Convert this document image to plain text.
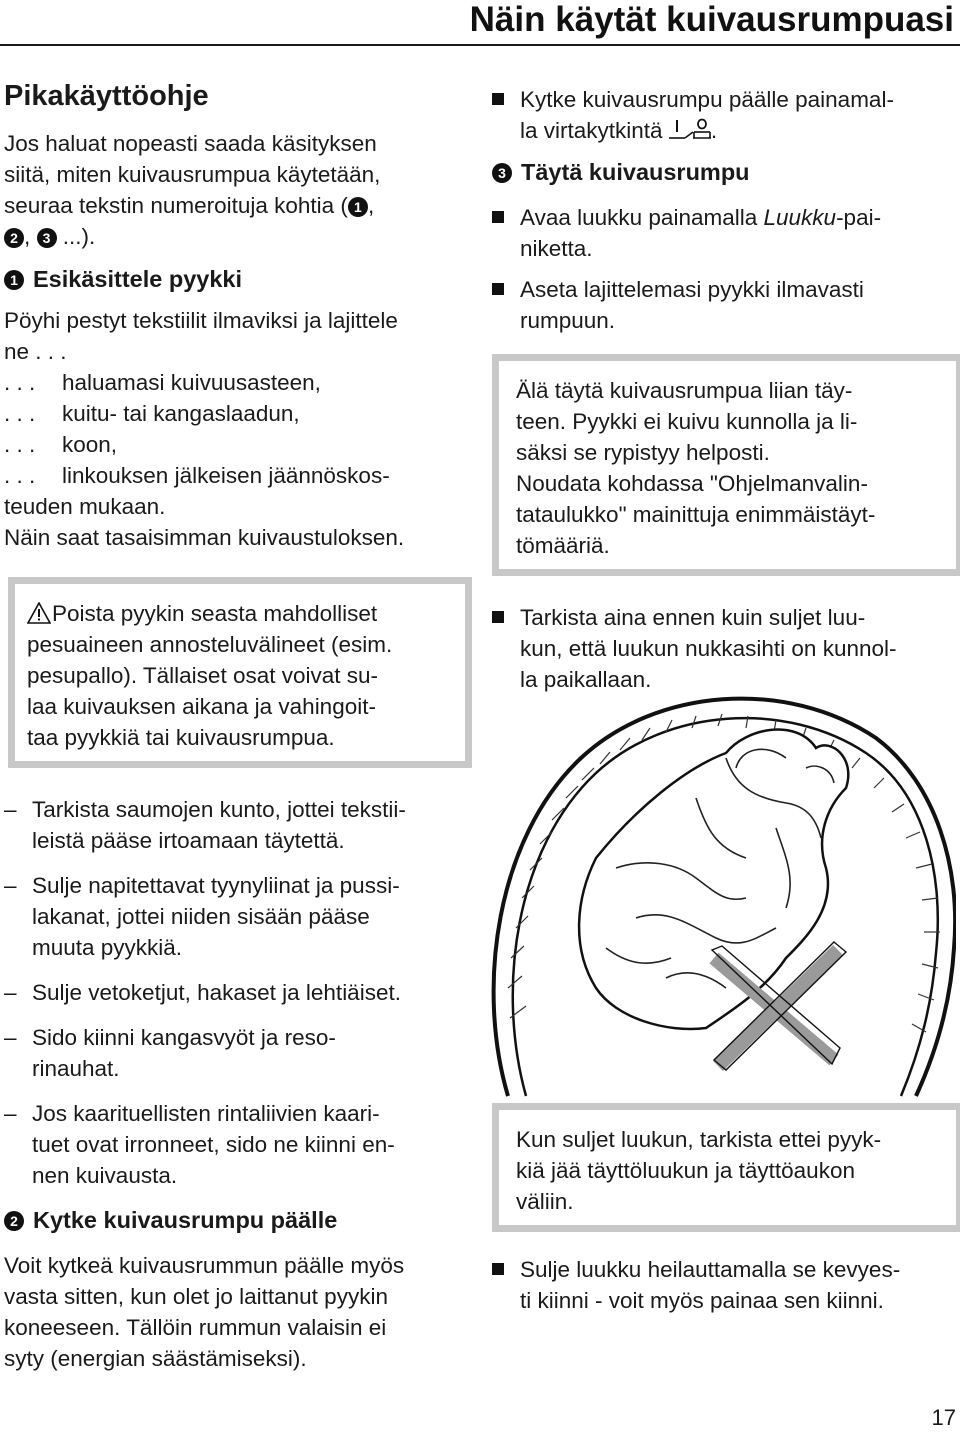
Näin käytät kuivausrumpuasi
Pikakäyttöohje

Jos haluat nopeasti saada käsityksen

siitä, miten kuivausrumpua käytetään,

seuraa tekstin numeroituja kohtia ( 1 ,

2 , 3 ...).

1 Esikäsittele pyykki

Pöyhi pestyt tekstiilit ilmaviksi ja lajittele

ne . . .

. . .	haluamasi kuivuusasteen,
. . .	kuitu- tai kangaslaadun,
. . .	koon,
. . .	linkouksen jälkeisen jäännöskos-

teuden mukaan.

Näin saat tasaisimman kuivaustuloksen.

Poista pyykin seasta mahdolliset

pesuaineen annosteluvälineet (esim.

pesupallo). Tällaiset osat voivat su-

laa kuivauksen aikana ja vahingoit-

taa pyykkiä tai kuivausrumpua.

– Tarkista saumojen kunto, jottei tekstii-
leistä pääse irtoamaan täytettä.
– Sulje napitettavat tyynyliinat ja pussi-
lakanat, jottei niiden sisään pääse
muuta pyykkiä.
– Sulje vetoketjut, hakaset ja lehtiäiset.
– Sido kiinni kangasvyöt ja reso-
rinauhat.
– Jos kaarituellisten rintaliivien kaari-
tuet ovat irronneet, sido ne kiinni en-
nen kuivausta.
2 Kytke kuivausrumpu päälle

Voit kytkeä kuivausrummun päälle myös

vasta sitten, kun olet jo laittanut pyykin

koneeseen. Tällöin rummun valaisin ei

syty (energian säästämiseksi).

Kytke kuivausrumpu päälle painamal-
la virtakytkintä .
3 Täytä kuivausrumpu
Avaa luukku painamalla Luukku-pai-
niketta.
Aseta lajittelemasi pyykki ilmavasti
rumpuun.

Älä täytä kuivausrumpua liian täy-

teen. Pyykki ei kuivu kunnolla ja li-

säksi se rypistyy helposti.

Noudata kohdassa "Ohjelmanvalin-

tataulukko" mainittuja enimmäistäyt-

tömääriä.

Tarkista aina ennen kuin suljet luu-
kun, että luukun nukkasihti on kunnol-
la paikallaan.

Kun suljet luukun, tarkista ettei pyyk-

kiä jää täyttöluukun ja täyttöaukon

väliin.

Sulje luukku heilauttamalla se kevyes-
ti kiinni - voit myös painaa sen kiinni.
17
